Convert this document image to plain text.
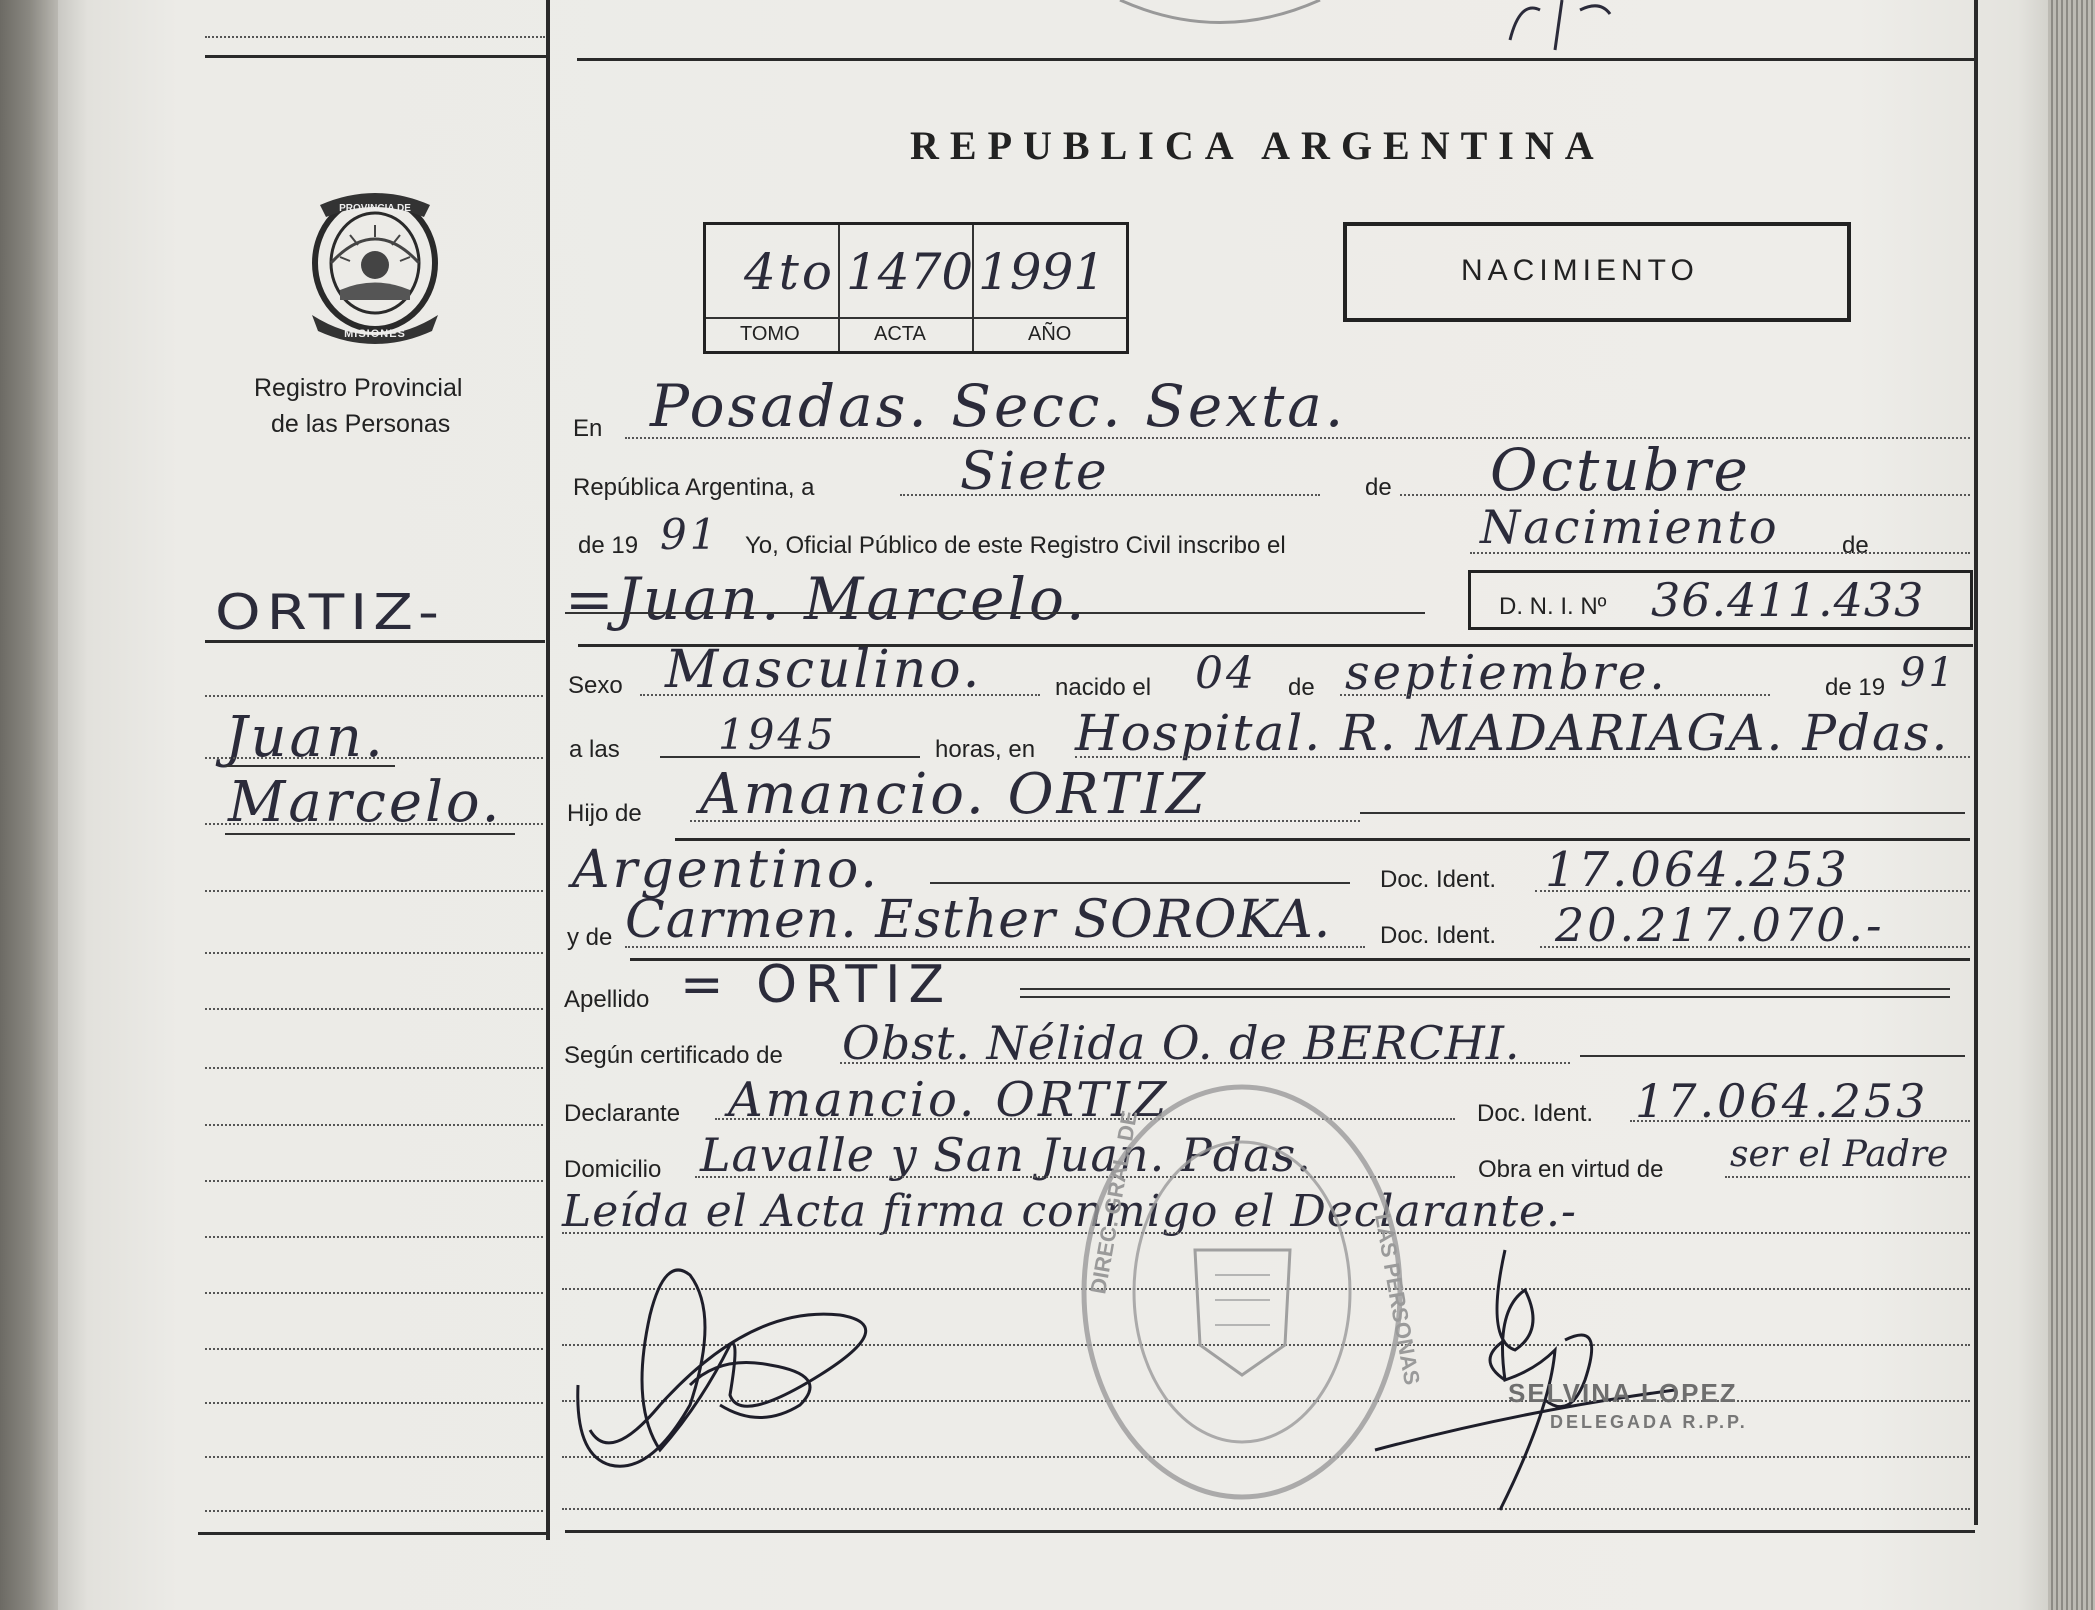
MISIONES
PROVINCIA DE
Registro Provincial
de las Personas
ORTIZ-
Juan.
Marcelo.
REPUBLICA ARGENTINA
4to 1470 1991
TOMO	ACTA	AÑO
NACIMIENTO
En Posadas. Secc. Sexta.
República Argentina, a	Siete	de Octubre
de 19 91 Yo, Oficial Público de este Registro Civil inscribo el	Nacimiento	de
=Juan. Marcelo.	D. N. I. Nº 36.411.433
Sexo Masculino.	nacido el 04 de septiembre.	de 19 91
a las 1945	horas, en Hospital. R. MADARIAGA. Pdas.
Hijo de Amancio. ORTIZ
Argentino.	Doc. Ident. 17.064.253
y de Carmen. Esther SOROKA. Doc. Ident. 20.217.070.-
Apellido = ORTIZ
Según certificado de Obst. Nélida O. de BERCHI.
Declarante Amancio. ORTIZ	Doc. Ident. 17.064.253
Domicilio Lavalle y San Juan. Pdas.	Obra en virtud de ser el Padre
Leída el Acta firma conmigo el Declarante.-
DIREC. GRAL. DE
LAS PERSONAS
SELVINA LOPEZ
DELEGADA R.P.P.
